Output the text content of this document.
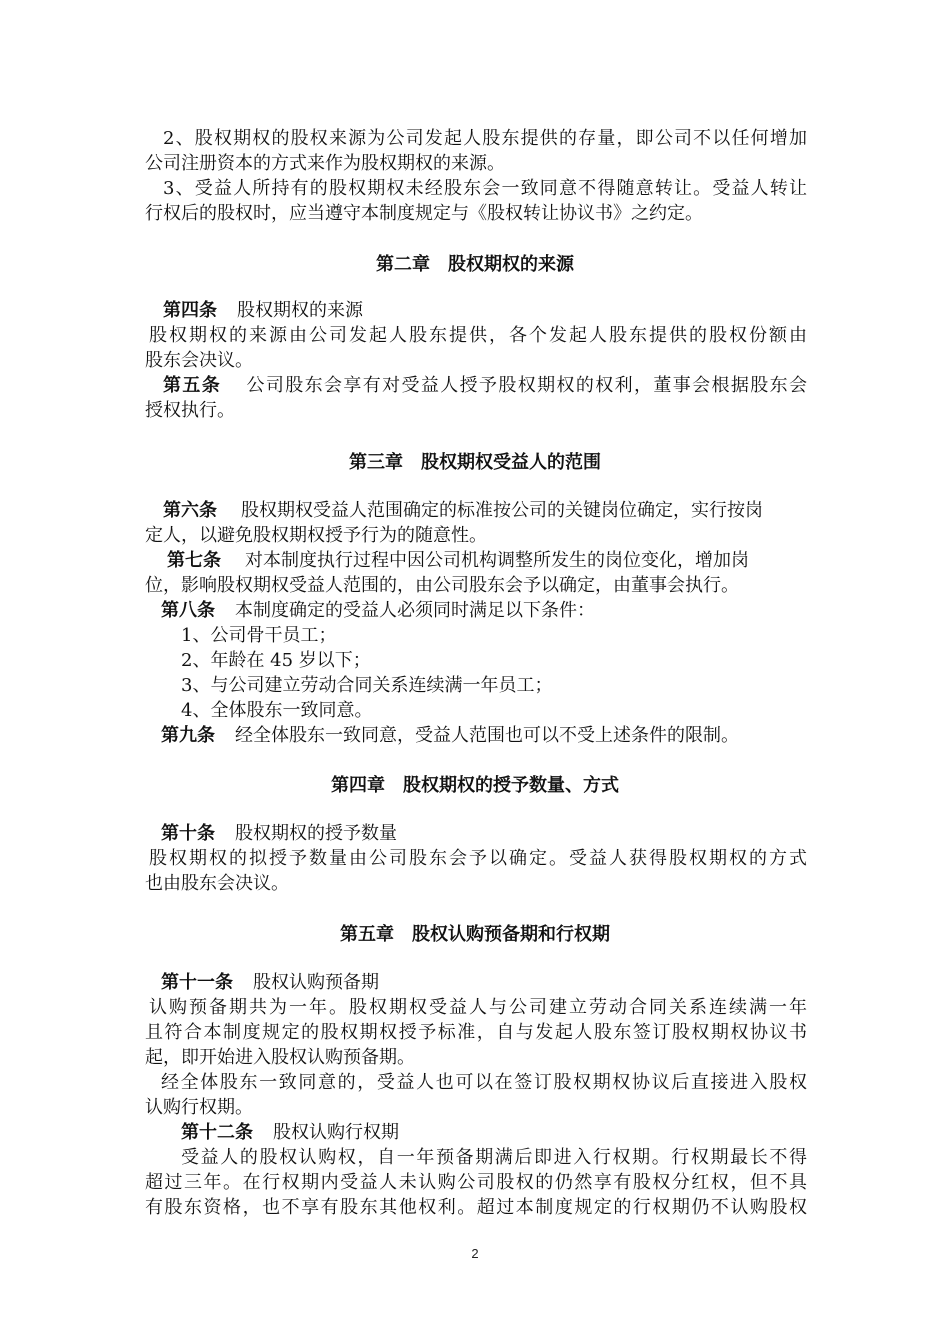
2、股权期权的股权来源为公司发起人股东提供的存量，即公司不以任何增加
公司注册资本的方式来作为股权期权的来源。
3、受益人所持有的股权期权未经股东会一致同意不得随意转让。受益人转让
行权后的股权时，应当遵守本制度规定与《股权转让协议书》之约定。
第二章　股权期权的来源
第四条 股权期权的来源
股权期权的来源由公司发起人股东提供，各个发起人股东提供的股权份额由
股东会决议。
第五条 公司股东会享有对受益人授予股权期权的权利，董事会根据股东会
授权执行。
第三章　股权期权受益人的范围
第六条 股权期权受益人范围确定的标准按公司的关键岗位确定，实行按岗
定人，以避免股权期权授予行为的随意性。
第七条 对本制度执行过程中因公司机构调整所发生的岗位变化，增加岗
位，影响股权期权受益人范围的，由公司股东会予以确定，由董事会执行。
第八条 本制度确定的受益人必须同时满足以下条件：
1、公司骨干员工；
2、年龄在 45 岁以下；
3、与公司建立劳动合同关系连续满一年员工；
4、全体股东一致同意。
第九条 经全体股东一致同意，受益人范围也可以不受上述条件的限制。
第四章　股权期权的授予数量、方式
第十条 股权期权的授予数量
股权期权的拟授予数量由公司股东会予以确定。受益人获得股权期权的方式
也由股东会决议。
第五章　股权认购预备期和行权期
第十一条 股权认购预备期
认购预备期共为一年。股权期权受益人与公司建立劳动合同关系连续满一年
且符合本制度规定的股权期权授予标准，自与发起人股东签订股权期权协议书
起，即开始进入股权认购预备期。
经全体股东一致同意的，受益人也可以在签订股权期权协议后直接进入股权
认购行权期。
第十二条 股权认购行权期
受益人的股权认购权，自一年预备期满后即进入行权期。行权期最长不得
超过三年。在行权期内受益人未认购公司股权的仍然享有股权分红权，但不具
有股东资格，也不享有股东其他权利。超过本制度规定的行权期仍不认购股权
2
